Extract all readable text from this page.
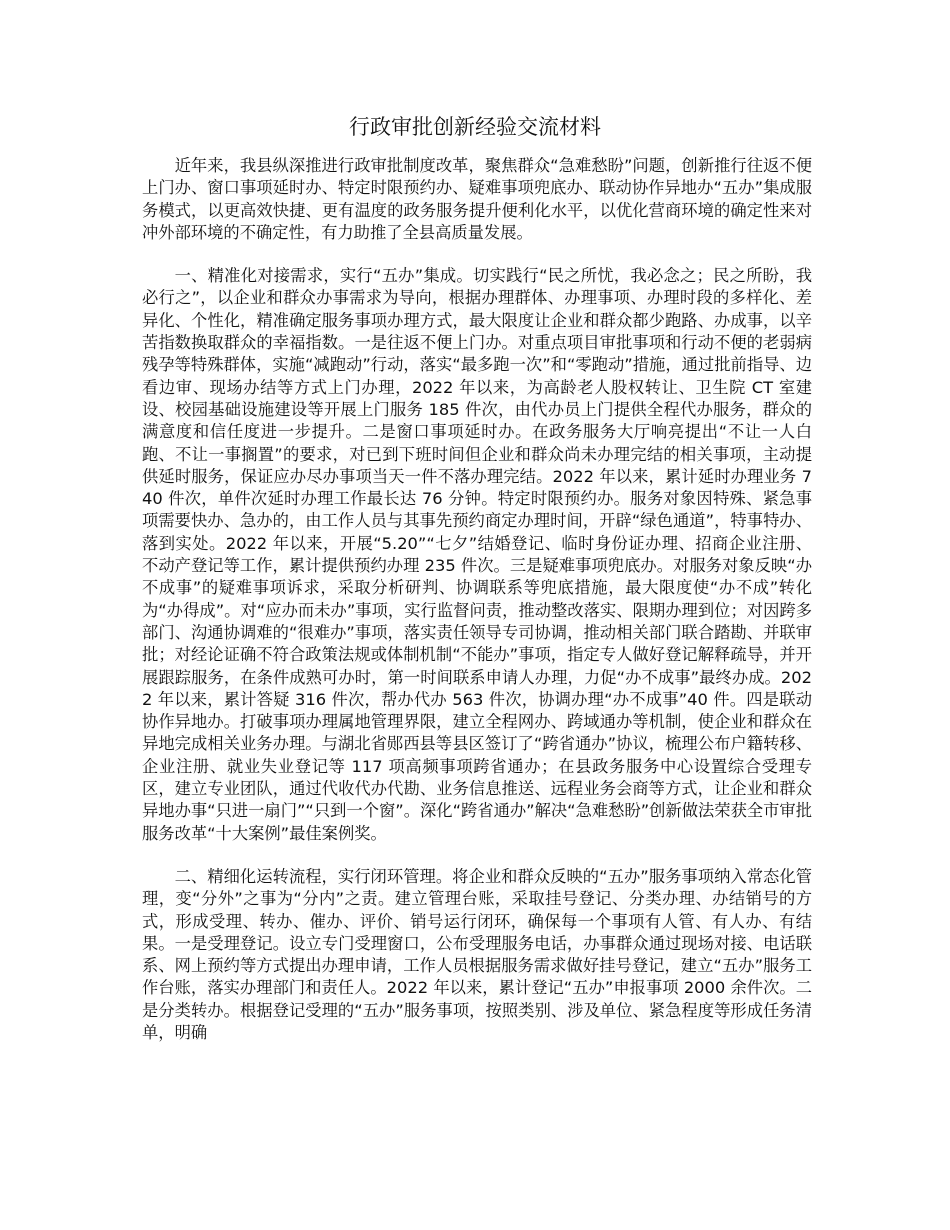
行政审批创新经验交流材料

近年来，我县纵深推进行政审批制度改革，聚焦群众“急难愁盼”问题，创新推行往返不便上门办、窗口事项延时办、特定时限预约办、疑难事项兜底办、联动协作异地办“五办”集成服务模式，以更高效快捷、更有温度的政务服务提升便利化水平，以优化营商环境的确定性来对冲外部环境的不确定性，有力助推了全县高质量发展。

一、精准化对接需求，实行“五办”集成。切实践行“民之所忧，我必念之；民之所盼，我必行之”，以企业和群众办事需求为导向，根据办理群体、办理事项、办理时段的多样化、差异化、个性化，精准确定服务事项办理方式，最大限度让企业和群众都少跑路、办成事，以辛苦指数换取群众的幸福指数。一是往返不便上门办。对重点项目审批事项和行动不便的老弱病残孕等特殊群体，实施“减跑动”行动，落实“最多跑一次”和“零跑动”措施，通过批前指导、边看边审、现场办结等方式上门办理，2022 年以来，为高龄老人股权转让、卫生院 CT 室建设、校园基础设施建设等开展上门服务 185 件次，由代办员上门提供全程代办服务，群众的满意度和信任度进一步提升。二是窗口事项延时办。在政务服务大厅响亮提出“不让一人白跑、不让一事搁置”的要求，对已到下班时间但企业和群众尚未办理完结的相关事项，主动提供延时服务，保证应办尽办事项当天一件不落办理完结。2022 年以来，累计延时办理业务 740 件次，单件次延时办理工作最长达 76 分钟。特定时限预约办。服务对象因特殊、紧急事项需要快办、急办的，由工作人员与其事先预约商定办理时间，开辟“绿色通道”，特事特办、落到实处。2022 年以来，开展“5.20”“七夕”结婚登记、临时身份证办理、招商企业注册、不动产登记等工作，累计提供预约办理 235 件次。三是疑难事项兜底办。对服务对象反映“办不成事”的疑难事项诉求，采取分析研判、协调联系等兜底措施，最大限度使“办不成”转化为“办得成”。对“应办而未办”事项，实行监督问责，推动整改落实、限期办理到位；对因跨多部门、沟通协调难的“很难办”事项，落实责任领导专司协调，推动相关部门联合踏勘、并联审批；对经论证确不符合政策法规或体制机制“不能办”事项，指定专人做好登记解释疏导，并开展跟踪服务，在条件成熟可办时，第一时间联系申请人办理，力促“办不成事”最终办成。2022 年以来，累计答疑 316 件次，帮办代办 563 件次，协调办理“办不成事”40 件。四是联动协作异地办。打破事项办理属地管理界限，建立全程网办、跨域通办等机制，使企业和群众在异地完成相关业务办理。与湖北省郧西县等县区签订了“跨省通办”协议，梳理公布户籍转移、企业注册、就业失业登记等 117 项高频事项跨省通办；在县政务服务中心设置综合受理专区，建立专业团队，通过代收代办代勘、业务信息推送、远程业务会商等方式，让企业和群众异地办事“只进一扇门”“只到一个窗”。深化“跨省通办”解决“急难愁盼”创新做法荣获全市审批服务改革“十大案例”最佳案例奖。

二、精细化运转流程，实行闭环管理。将企业和群众反映的“五办”服务事项纳入常态化管理，变“分外”之事为“分内”之责。建立管理台账，采取挂号登记、分类办理、办结销号的方式，形成受理、转办、催办、评价、销号运行闭环，确保每一个事项有人管、有人办、有结果。一是受理登记。设立专门受理窗口，公布受理服务电话，办事群众通过现场对接、电话联系、网上预约等方式提出办理申请，工作人员根据服务需求做好挂号登记，建立“五办”服务工作台账，落实办理部门和责任人。2022 年以来，累计登记“五办”申报事项 2000 余件次。二是分类转办。根据登记受理的“五办”服务事项，按照类别、涉及单位、紧急程度等形成任务清单，明确
